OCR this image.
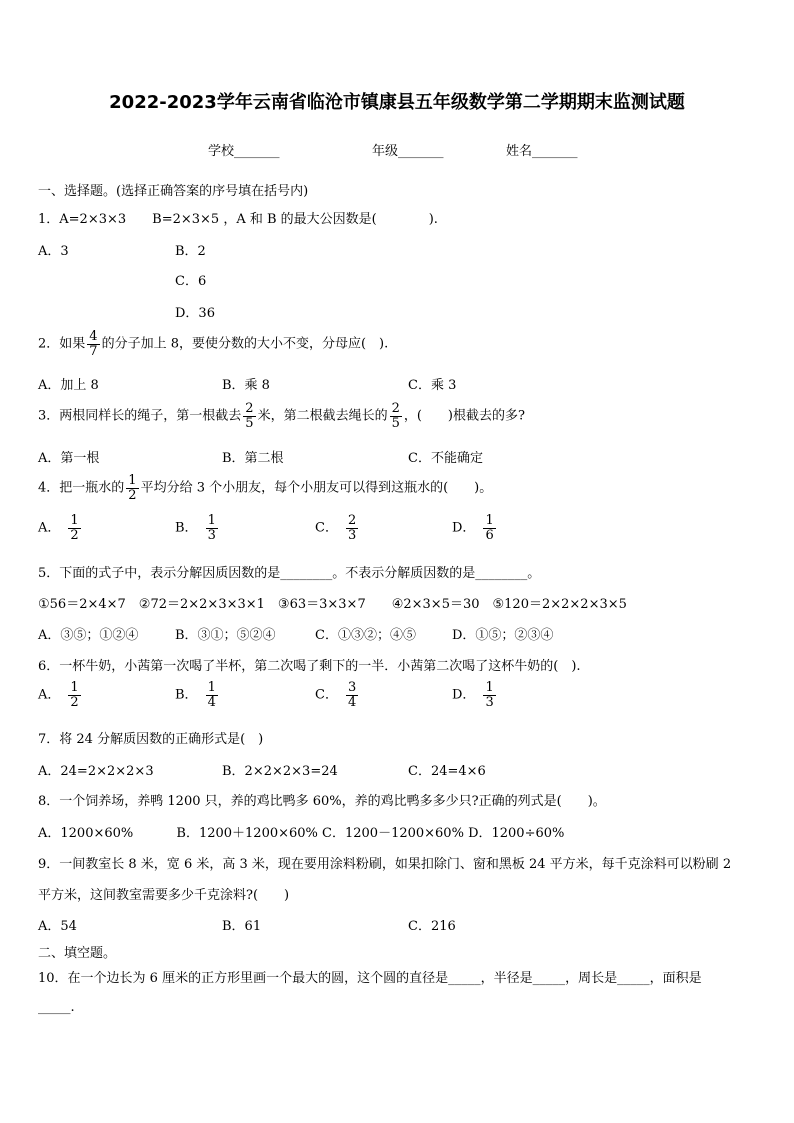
2022-2023学年云南省临沧市镇康县五年级数学第二学期期末监测试题
学校_______	年级_______	姓名_______
一、选择题。(选择正确答案的序号填在括号内)
1．A=2×3×3　　B=2×3×5 ，A 和 B 的最大公因数是(　　　　).
A．3	B．2
C．6
D．36
2．如果 $\frac{4}{7}$ 的分子加上 8，要使分数的大小不变，分母应(　).
A．加上 8	B．乘 8	C．乘 3
3．两根同样长的绳子，第一根截去 $\frac{2}{5}$ 米，第二根截去绳长的 $\frac{2}{5}$ ，(　　)根截去的多?
A．第一根	B．第二根	C．不能确定
4．把一瓶水的 $\frac{1}{2}$ 平均分给 3 个小朋友，每个小朋友可以得到这瓶水的(　　)。
A． $\frac{1}{2}$	B． $\frac{1}{3}$	C． $\frac{2}{3}$	D． $\frac{1}{6}$
5．下面的式子中，表示分解因质因数的是________。不表示分解质因数的是________。
①56＝2×4×7　②72＝2×2×3×3×1　③63＝3×3×7　　④2×3×5＝30　⑤120＝2×2×2×3×5
A．③⑤；①②④	B．③①；⑤②④	C．①③②；④⑤	D．①⑤；②③④
6．一杯牛奶，小茜第一次喝了半杯，第二次喝了剩下的一半．小茜第二次喝了这杯牛奶的(　).
A． $\frac{1}{2}$	B． $\frac{1}{4}$	C． $\frac{3}{4}$	D． $\frac{1}{3}$
7．将 24 分解质因数的正确形式是(　)
A．24=2×2×2×3	B．2×2×2×3=24	C．24=4×6
8．一个饲养场，养鸭 1200 只，养的鸡比鸭多 60%，养的鸡比鸭多多少只?正确的列式是(　　)。
A．1200×60%　　　 B．1200＋1200×60% C．1200－1200×60% D．1200÷60%
9．一间教室长 8 米，宽 6 米，高 3 米，现在要用涂料粉刷，如果扣除门、窗和黑板 24 平方米，每千克涂料可以粉刷 2
平方米，这间教室需要多少千克涂料?(　　)
A．54	B．61	C．216
二、填空题。
10．在一个边长为 6 厘米的正方形里画一个最大的圆，这个圆的直径是_____，半径是_____，周长是_____，面积是
_____.
